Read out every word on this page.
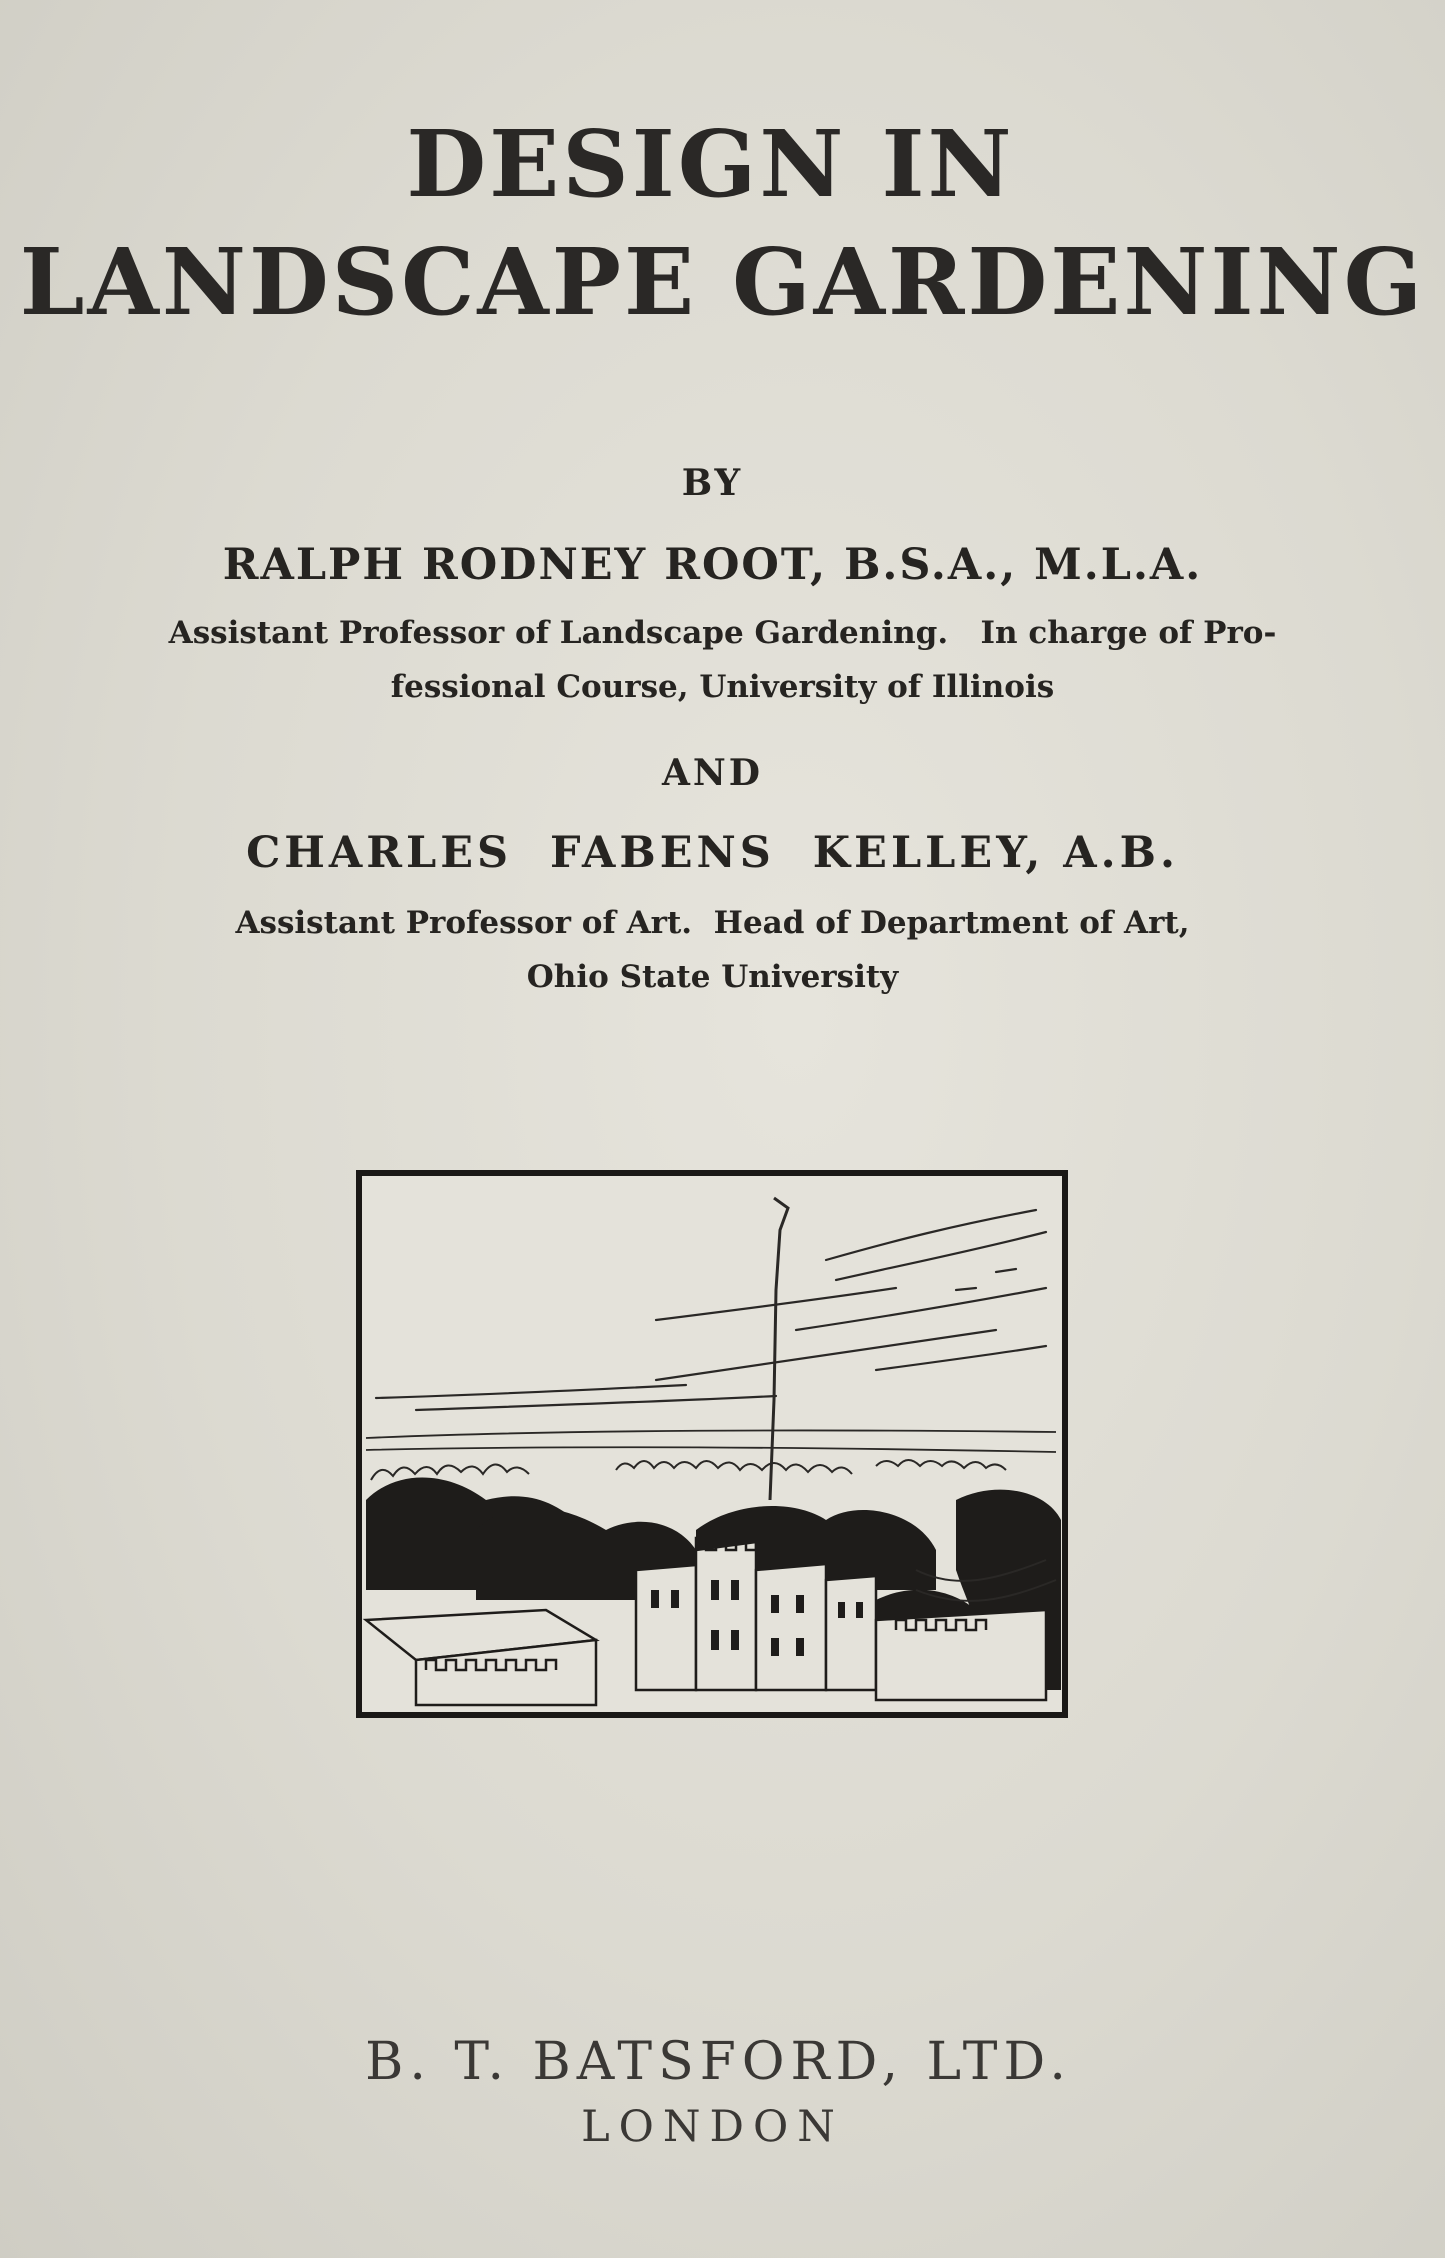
DESIGN IN
LANDSCAPE GARDENING
BY
RALPH RODNEY ROOT, B.S.A., M.L.A.
Assistant Professor of Landscape Gardening.   In charge of Pro-
fessional Course, University of Illinois
AND
CHARLES  FABENS  KELLEY, A.B.
Assistant Professor of Art.  Head of Department of Art,
Ohio State University
B. T. BATSFORD, LTD.
LONDON
